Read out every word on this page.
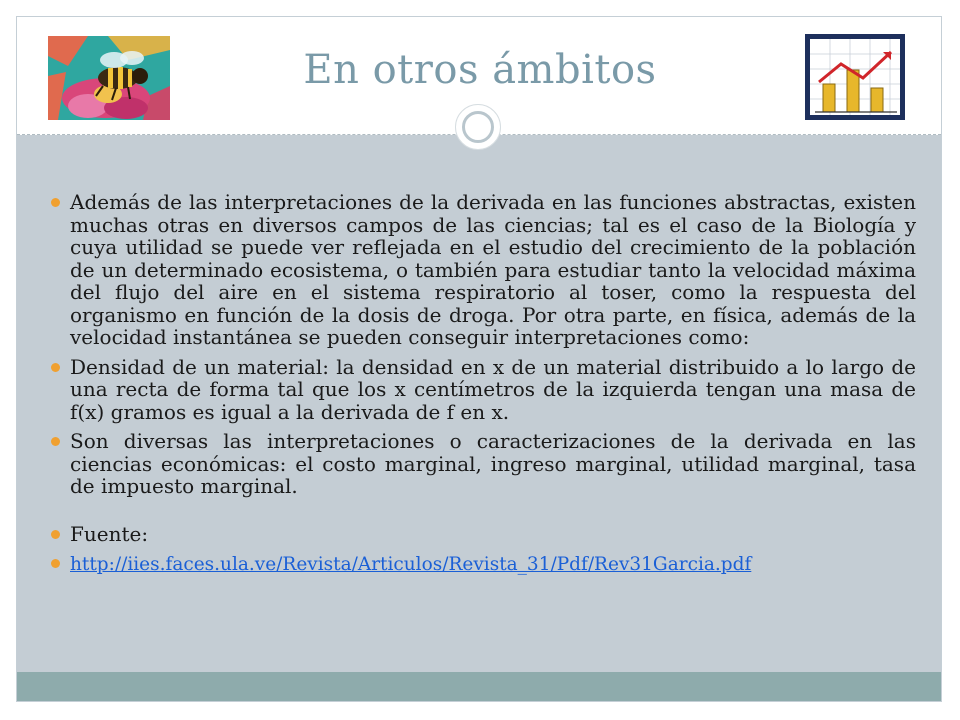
En otros ámbitos
Además de las interpretaciones de la derivada en las funciones abstractas, existen muchas otras en diversos campos de las ciencias; tal es el caso de la Biología y cuya utilidad se puede ver reflejada en el estudio del crecimiento de la población de un determinado ecosistema, o también para estudiar tanto la velocidad máxima del flujo del aire en el sistema respiratorio al toser, como la respuesta del organismo en función de la dosis de droga. Por otra parte, en física, además de la velocidad instantánea se pueden conseguir interpretaciones como:
Densidad de un material: la densidad en x de un material distribuido a lo largo de una recta de forma tal que los x centímetros de la izquierda tengan una masa de f(x) gramos es igual a la derivada de f en x.
Son diversas las interpretaciones o caracterizaciones de la derivada en las ciencias económicas: el costo marginal, ingreso marginal, utilidad marginal, tasa de impuesto marginal.
Fuente:
http://iies.faces.ula.ve/Revista/Articulos/Revista_31/Pdf/Rev31Garcia.pdf
